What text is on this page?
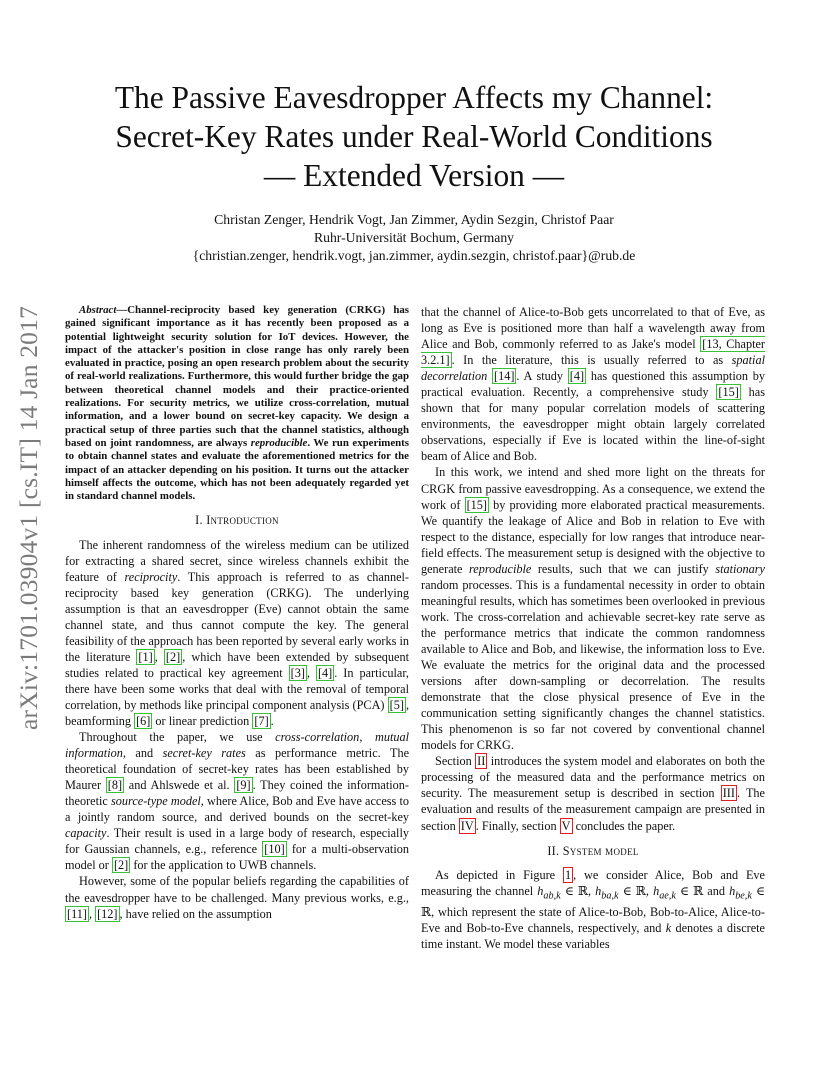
arXiv:1701.03904v1 [cs.IT] 14 Jan 2017
The Passive Eavesdropper Affects my Channel:
Secret-Key Rates under Real-World Conditions
— Extended Version —
Christan Zenger, Hendrik Vogt, Jan Zimmer, Aydin Sezgin, Christof Paar
Ruhr-Universität Bochum, Germany
{christian.zenger, hendrik.vogt, jan.zimmer, aydin.sezgin, christof.paar}@rub.de

Abstract—Channel-reciprocity based key generation (CRKG) has gained significant importance as it has recently been proposed as a potential lightweight security solution for IoT devices. However, the impact of the attacker's position in close range has only rarely been evaluated in practice, posing an open research problem about the security of real-world realizations. Furthermore, this would further bridge the gap between theoretical channel models and their practice-oriented realizations. For security metrics, we utilize cross-correlation, mutual information, and a lower bound on secret-key capacity. We design a practical setup of three parties such that the channel statistics, although based on joint randomness, are always reproducible. We run experiments to obtain channel states and evaluate the aforementioned metrics for the impact of an attacker depending on his position. It turns out the attacker himself affects the outcome, which has not been adequately regarded yet in standard channel models.

I. Introduction

The inherent randomness of the wireless medium can be utilized for extracting a shared secret, since wireless channels exhibit the feature of reciprocity. This approach is referred to as channel-reciprocity based key generation (CRKG). The underlying assumption is that an eavesdropper (Eve) cannot obtain the same channel state, and thus cannot compute the key. The general feasibility of the approach has been reported by several early works in the literature [1] , [2] , which have been extended by subsequent studies related to practical key agreement [3] , [4] . In particular, there have been some works that deal with the removal of temporal correlation, by methods like principal component analysis (PCA) [5] , beamforming [6] or linear prediction [7] .

Throughout the paper, we use cross-correlation, mutual information, and secret-key rates as performance metric. The theoretical foundation of secret-key rates has been established by Maurer [8] and Ahlswede et al. [9] . They coined the information-theoretic source-type model, where Alice, Bob and Eve have access to a jointly random source, and derived bounds on the secret-key capacity. Their result is used in a large body of research, especially for Gaussian channels, e.g., reference [10] for a multi-observation model or [2] for the application to UWB channels.

However, some of the popular beliefs regarding the capabilities of the eavesdropper have to be challenged. Many previous works, e.g., [11] , [12] , have relied on the assumption

that the channel of Alice-to-Bob gets uncorrelated to that of Eve, as long as Eve is positioned more than half a wavelength away from Alice and Bob, commonly referred to as Jake's model [13, Chapter 3.2.1] . In the literature, this is usually referred to as spatial decorrelation [14] . A study [4] has questioned this assumption by practical evaluation. Recently, a comprehensive study [15] has shown that for many popular correlation models of scattering environments, the eavesdropper might obtain largely correlated observations, especially if Eve is located within the line-of-sight beam of Alice and Bob.

In this work, we intend and shed more light on the threats for CRGK from passive eavesdropping. As a consequence, we extend the work of [15] by providing more elaborated practical measurements. We quantify the leakage of Alice and Bob in relation to Eve with respect to the distance, especially for low ranges that introduce near-field effects. The measurement setup is designed with the objective to generate reproducible results, such that we can justify stationary random processes. This is a fundamental necessity in order to obtain meaningful results, which has sometimes been overlooked in previous work. The cross-correlation and achievable secret-key rate serve as the performance metrics that indicate the common randomness available to Alice and Bob, and likewise, the information loss to Eve. We evaluate the metrics for the original data and the processed versions after down-sampling or decorrelation. The results demonstrate that the close physical presence of Eve in the communication setting significantly changes the channel statistics. This phenomenon is so far not covered by conventional channel models for CRKG.

Section II introduces the system model and elaborates on both the processing of the measured data and the performance metrics on security. The measurement setup is described in section III . The evaluation and results of the measurement campaign are presented in section IV . Finally, section V concludes the paper.

II. System model

As depicted in Figure 1 , we consider Alice, Bob and Eve measuring the channel $h_{ab,k}$ ∈ ℝ, $h_{ba,k}$ ∈ ℝ, $h_{ae,k}$ ∈ ℝ and $h_{be,k}$ ∈ ℝ, which represent the state of Alice-to-Bob, Bob-to-Alice, Alice-to-Eve and Bob-to-Eve channels, respectively, and k denotes a discrete time instant. We model these variables
